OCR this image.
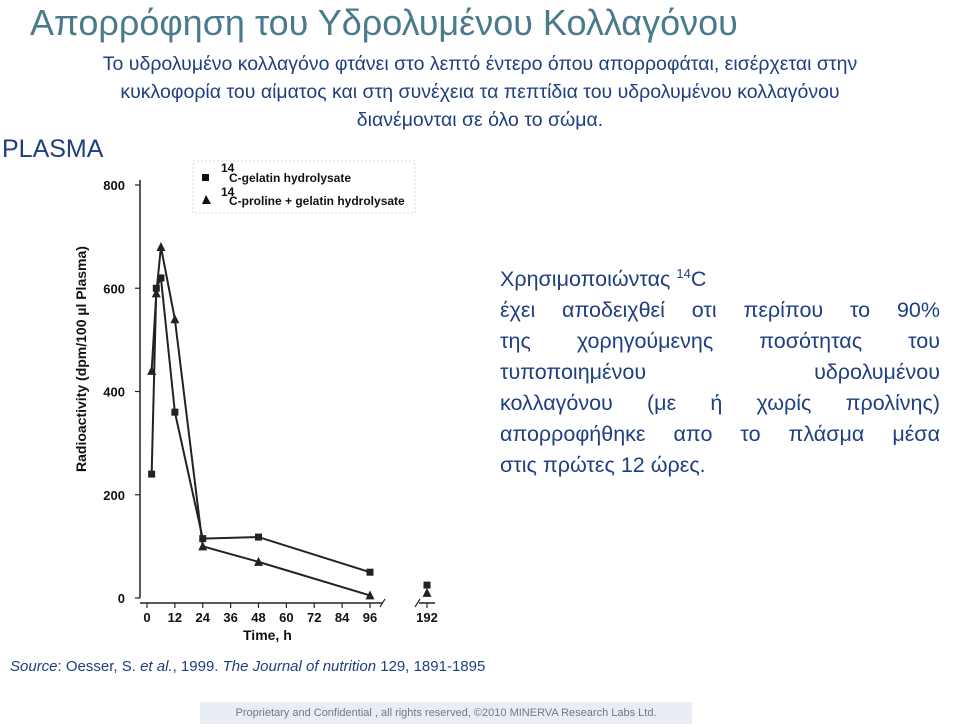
Απορρόφηση του Υδρολυμένου Κολλαγόνου
Το υδρολυμένο κολλαγόνο φτάνει στο λεπτό έντερο όπου απορροφάται, εισέρχεται στην
κυκλοφορία του αίματος και στη συνέχεια τα πεπτίδια του υδρολυμένου κολλαγόνου
διανέμονται σε όλο το σώμα.
PLASMA
0
200
400
600
800
0 12 24 36 48 60 72 84 96	192
14
C-gelatin hydrolysate
14
C-proline + gelatin hydrolysate
Time, h
Radioactivity (dpm/100 µl Plasma)	Χρησιμοποιώντας $^{14}$C
έχει αποδειχθεί οτι περίπου το 90%
της χορηγούμενης ποσότητας του
τυποποιημένου υδρολυμένου
κολλαγόνου (με ή χωρίς προλίνης)
απορροφήθηκε απο το πλάσμα μέσα
στις πρώτες 12 ώρες.
Source: Oesser, S. et al., 1999. The Journal of nutrition 129, 1891-1895
Proprietary and Confidential , all rights reserved, ©2010 MINERVA Research Labs Ltd.
